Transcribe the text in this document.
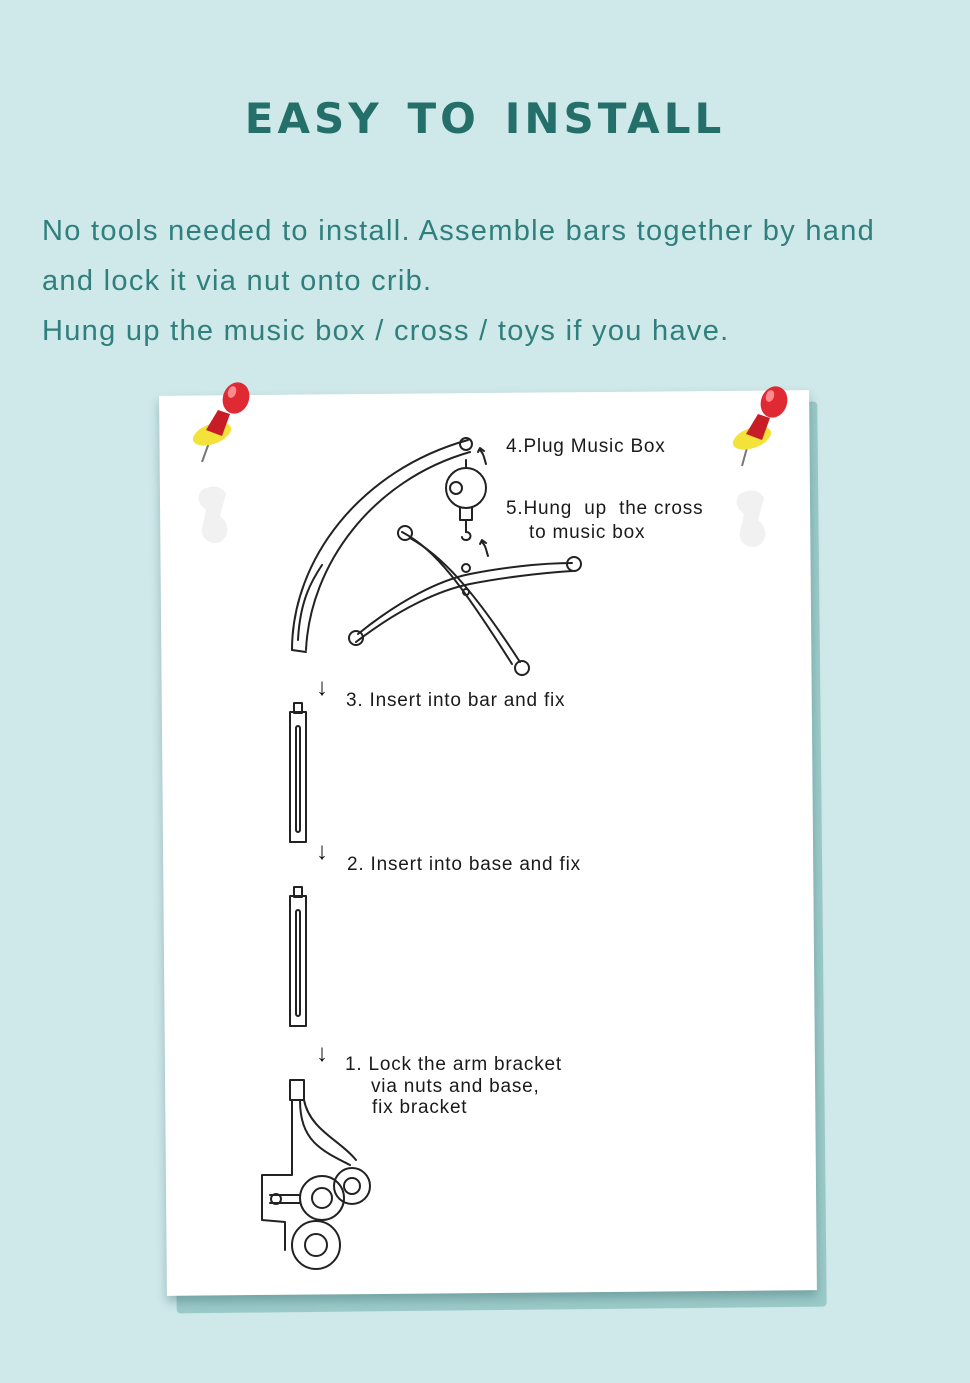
easy to install

No tools needed to install. Assemble bars together by hand

and lock it via nut onto crib.

Hung up the music box / cross / toys if you have.

4.Plug Music Box
5.Hung  up  the cross
to music box
↓ 3. Insert into bar and fix
↓ 2. Insert into base and fix
↓ 1. Lock the arm bracket
via nuts and base,
fix bracket
